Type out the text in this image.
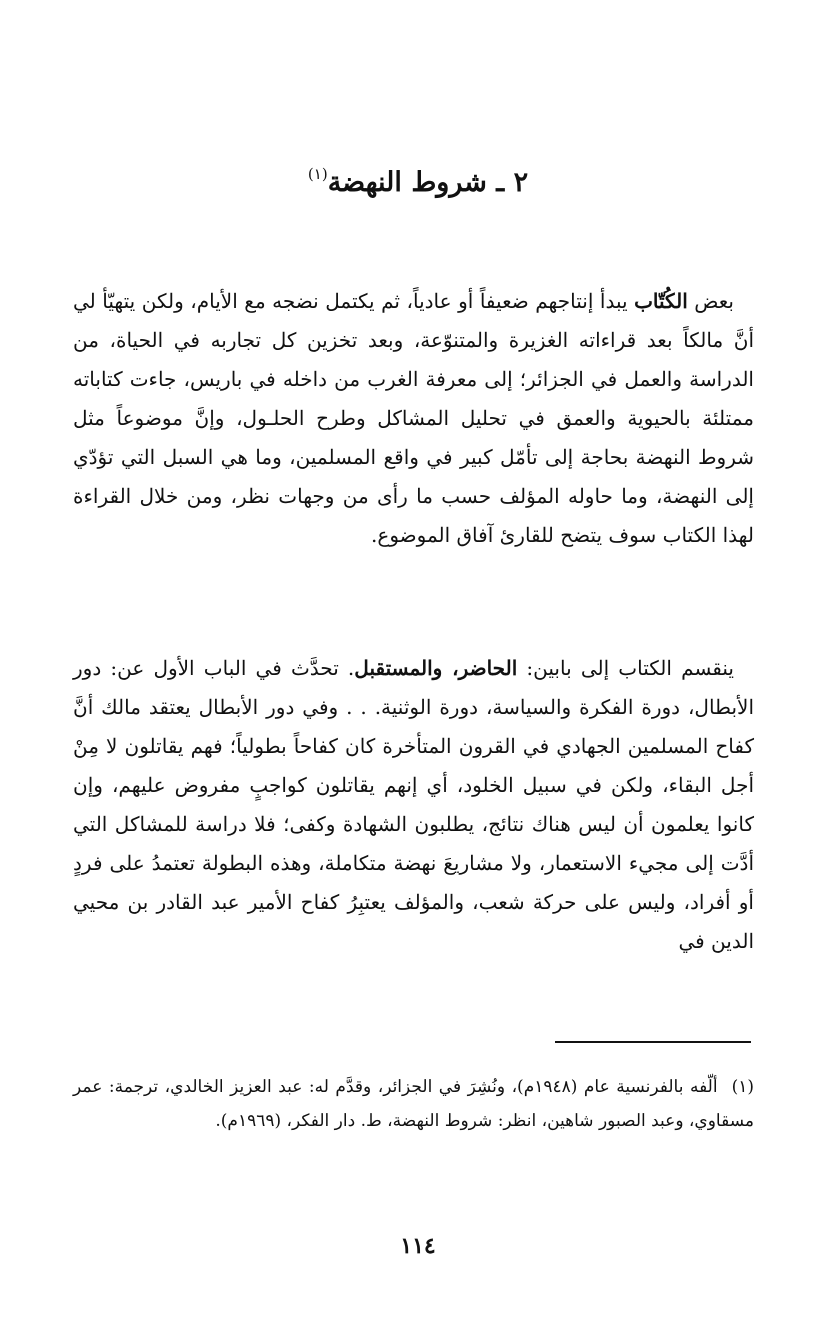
٢ ـ شروط النهضة$^{(١)}$

بعض الكُتّاب يبدأ إنتاجهم ضعيفاً أو عادياً، ثم يكتمل نضجه مع الأيام، ولكن يتهيّأ لي أنَّ مالكاً بعد قراءاته الغزيرة والمتنوّعة، وبعد تخزين كل تجاربه في الحياة، من الدراسة والعمل في الجزائر؛ إلى معرفة الغرب من داخله في باريس، جاءت كتاباته ممتلئة بالحيوية والعمق في تحليل المشاكل وطرح الحلـول، وإنَّ موضوعاً مثل شروط النهضة بحاجة إلى تأمّل كبير في واقع المسلمين، وما هي السبل التي تؤدّي إلى النهضة، وما حاوله المؤلف حسب ما رأى من وجهات نظر، ومن خلال القراءة لهذا الكتاب سوف يتضح للقارئ آفاق الموضوع.

ينقسم الكتاب إلى بابين: الحاضر، والمستقبل. تحدَّث في الباب الأول عن: دور الأبطال، دورة الفكرة والسياسة، دورة الوثنية. . . وفي دور الأبطال يعتقد مالك أنَّ كفاح المسلمين الجهادي في القرون المتأخرة كان كفاحاً بطولياً؛ فهم يقاتلون لا مِنْ أجل البقاء، ولكن في سبيل الخلود، أي إنهم يقاتلون كواجبٍ مفروض عليهم، وإن كانوا يعلمون أن ليس هناك نتائج، يطلبون الشهادة وكفى؛ فلا دراسة للمشاكل التي أدَّت إلى مجيء الاستعمار، ولا مشاريعَ نهضة متكاملة، وهذه البطولة تعتمدُ على فردٍ أو أفراد، وليس على حركة شعب، والمؤلف يعتبِرُ كفاح الأمير عبد القادر بن محيي الدين في

(١)ألّفه بالفرنسية عام (١٩٤٨م)، ونُشِرَ في الجزائر، وقدَّم له: عبد العزيز الخالدي، ترجمة: عمر مسقاوي، وعبد الصبور شاهين، انظر: شروط النهضة، ط. دار الفكر، (١٩٦٩م).
١١٤
